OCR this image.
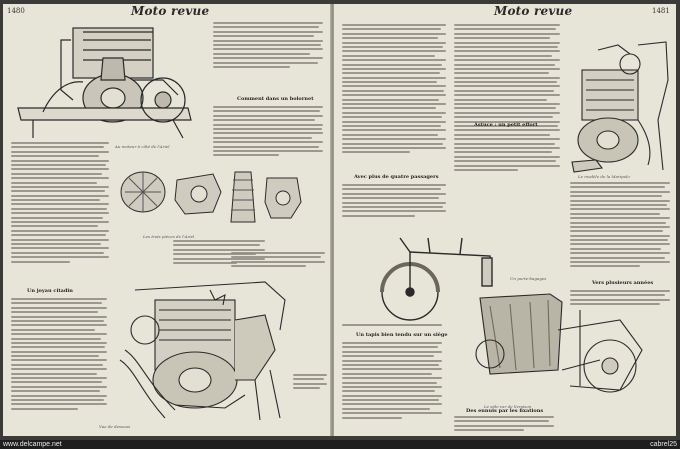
1480	Moto revue
Comment dans un bolornet
Au moteur à côté de l'Ariel
Les trois pièces de l'Ariel
Un joyau citadin
Vue de dessous
Moto revue	1481
Avec plus de quatre passagers	Le modèle de la Maripolo
Astuce : un petit effort
Vers plusieurs années
Un porte-bagages
Un tapis bien tendu sur un siège
Le side-car de livraison
Des ennuis par les fixations
www.delcampe.net	cabrel25
